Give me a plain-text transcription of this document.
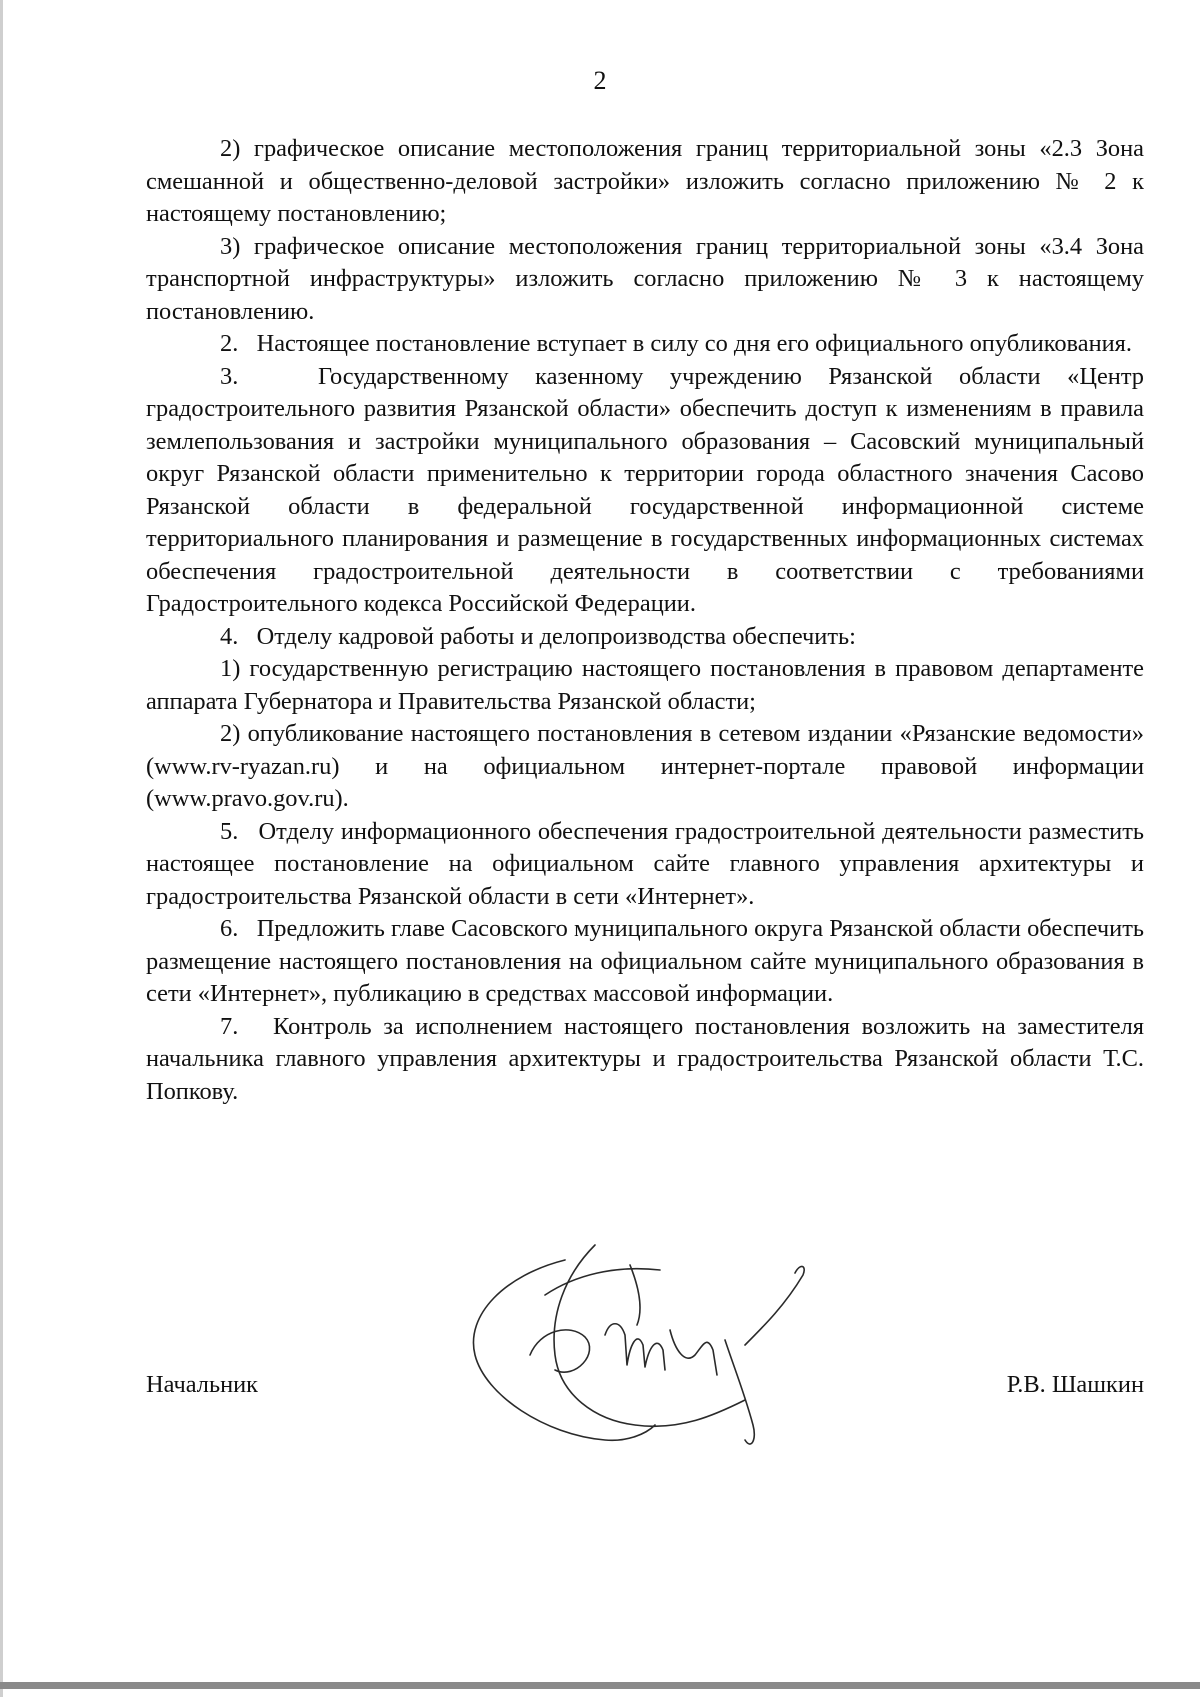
2

2) графическое описание местоположения границ территориальной зоны «2.3 Зона смешанной и общественно-деловой застройки» изложить согласно приложению № 2 к настоящему постановлению;

3) графическое описание местоположения границ территориальной зоны «3.4 Зона транспортной инфраструктуры» изложить согласно приложению № 3 к настоящему постановлению.

2.   Настоящее постановление вступает в силу со дня его официального опубликования.

3.   Государственному казенному учреждению Рязанской области «Центр градостроительного развития Рязанской области» обеспечить доступ к изменениям в правила землепользования и застройки муниципального образования – Сасовский муниципальный округ Рязанской области применительно к территории города областного значения Сасово Рязанской области в федеральной государственной информационной системе территориального планирования и размещение в государственных информационных системах обеспечения градостроительной деятельности в соответствии с требованиями Градостроительного кодекса Российской Федерации.

4.   Отделу кадровой работы и делопроизводства обеспечить:

1) государственную регистрацию настоящего постановления в правовом департаменте аппарата Губернатора и Правительства Рязанской области;

2) опубликование настоящего постановления в сетевом издании «Рязанские ведомости» (www.rv-ryazan.ru) и на официальном интернет-портале правовой информации (www.pravo.gov.ru).

5.   Отделу информационного обеспечения градостроительной деятельности разместить настоящее постановление на официальном сайте главного управления архитектуры и градостроительства Рязанской области в сети «Интернет».

6.   Предложить главе Сасовского муниципального округа Рязанской области обеспечить размещение настоящего постановления на официальном сайте муниципального образования в сети «Интернет», публикацию в средствах массовой информации.

7.   Контроль за исполнением настоящего постановления возложить на заместителя начальника главного управления архитектуры и градостроительства Рязанской области Т.С. Попкову.

Начальник	Р.В. Шашкин
